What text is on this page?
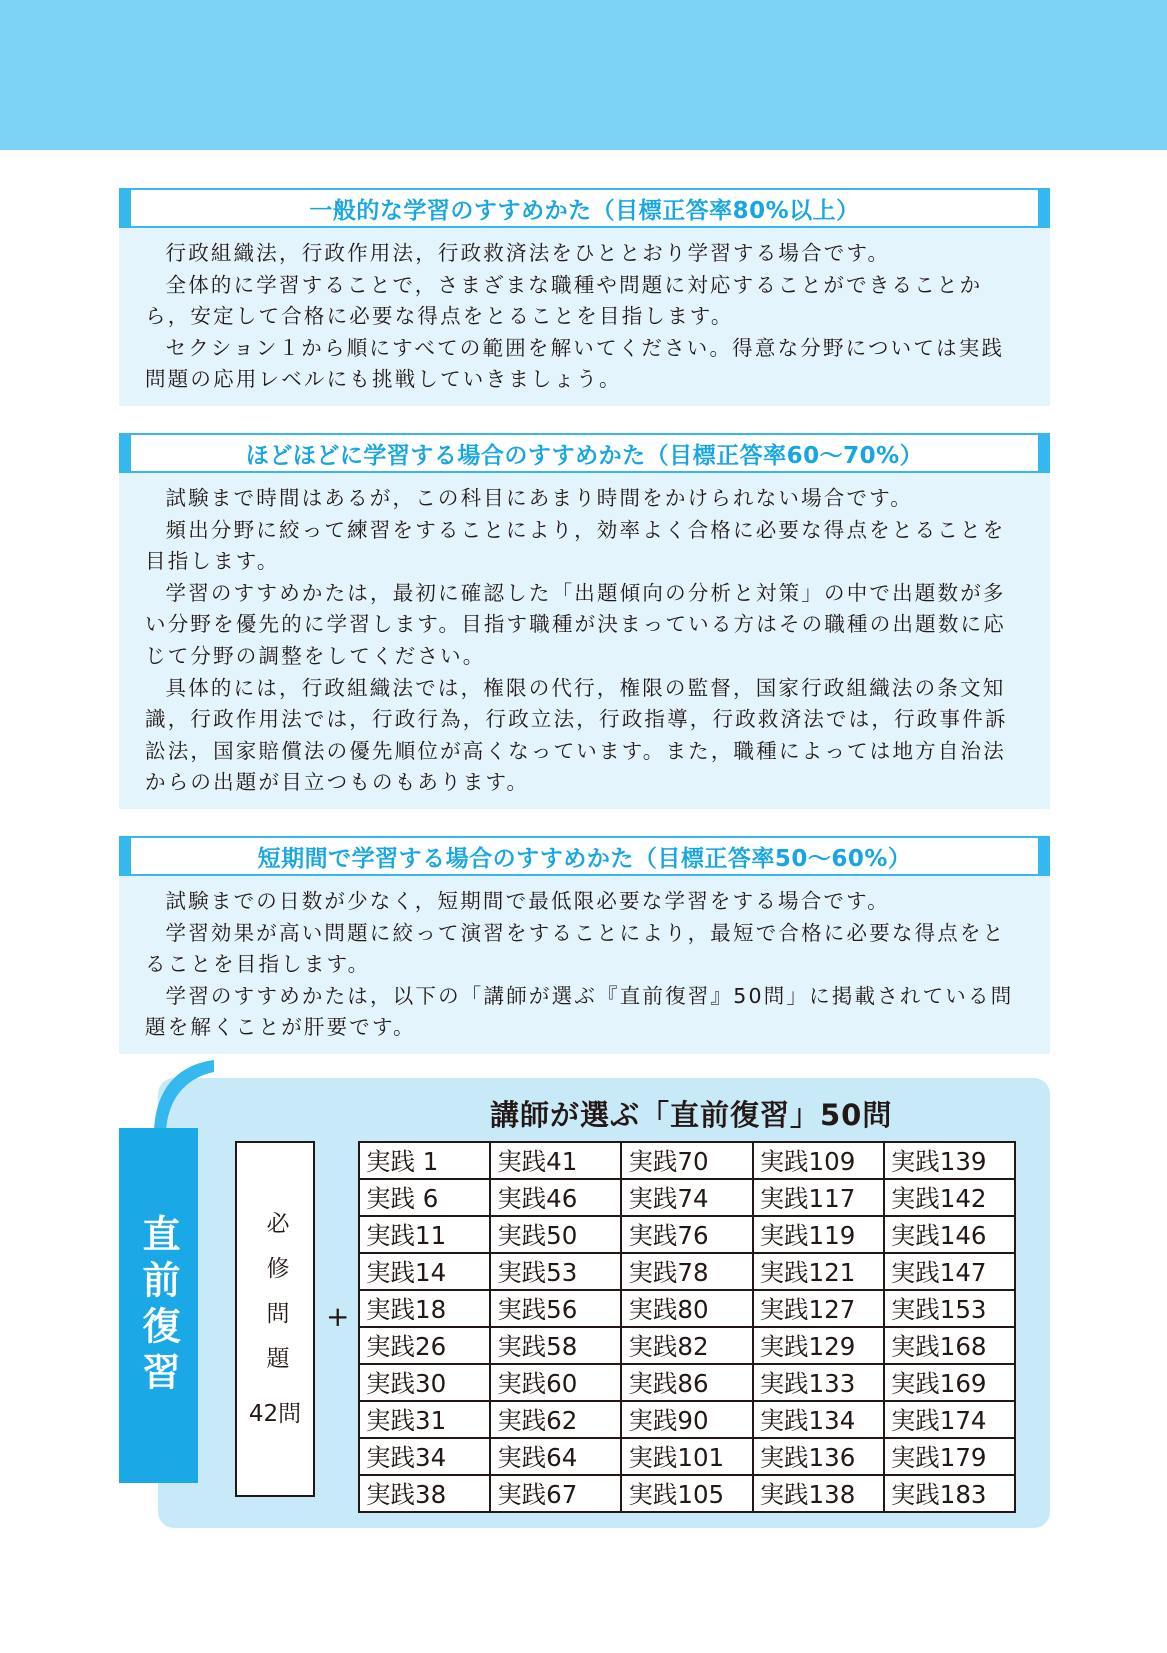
一般的な学習のすすめかた（目標正答率80%以上）

行政組織法，行政作用法，行政救済法をひととおり学習する場合です。

全体的に学習することで，さまざまな職種や問題に対応することができることから，安定して合格に必要な得点をとることを目指します。

セクション１から順にすべての範囲を解いてください。得意な分野については実践問題の応用レベルにも挑戦していきましょう。

ほどほどに学習する場合のすすめかた（目標正答率60～70%）

試験まで時間はあるが，この科目にあまり時間をかけられない場合です。

頻出分野に絞って練習をすることにより，効率よく合格に必要な得点をとることを目指します。

学習のすすめかたは，最初に確認した「出題傾向の分析と対策」の中で出題数が多い分野を優先的に学習します。目指す職種が決まっている方はその職種の出題数に応じて分野の調整をしてください。

具体的には，行政組織法では，権限の代行，権限の監督，国家行政組織法の条文知識，行政作用法では，行政行為，行政立法，行政指導，行政救済法では，行政事件訴訟法，国家賠償法の優先順位が高くなっています。また，職種によっては地方自治法からの出題が目立つものもあります。

短期間で学習する場合のすすめかた（目標正答率50～60%）

試験までの日数が少なく，短期間で最低限必要な学習をする場合です。

学習効果が高い問題に絞って演習をすることにより，最短で合格に必要な得点をとることを目指します。

学習のすすめかたは，以下の「講師が選ぶ『直前復習』50問」に掲載されている問題を解くことが肝要です。

講師が選ぶ「直前復習」50問
直前復習	必修問題
42問
+
実践 1	実践41	実践70	実践109	実践139
実践 6	実践46	実践74	実践117	実践142
実践11	実践50	実践76	実践119	実践146
実践14	実践53	実践78	実践121	実践147
実践18	実践56	実践80	実践127	実践153
実践26	実践58	実践82	実践129	実践168
実践30	実践60	実践86	実践133	実践169
実践31	実践62	実践90	実践134	実践174
実践34	実践64	実践101	実践136	実践179
実践38	実践67	実践105	実践138	実践183
